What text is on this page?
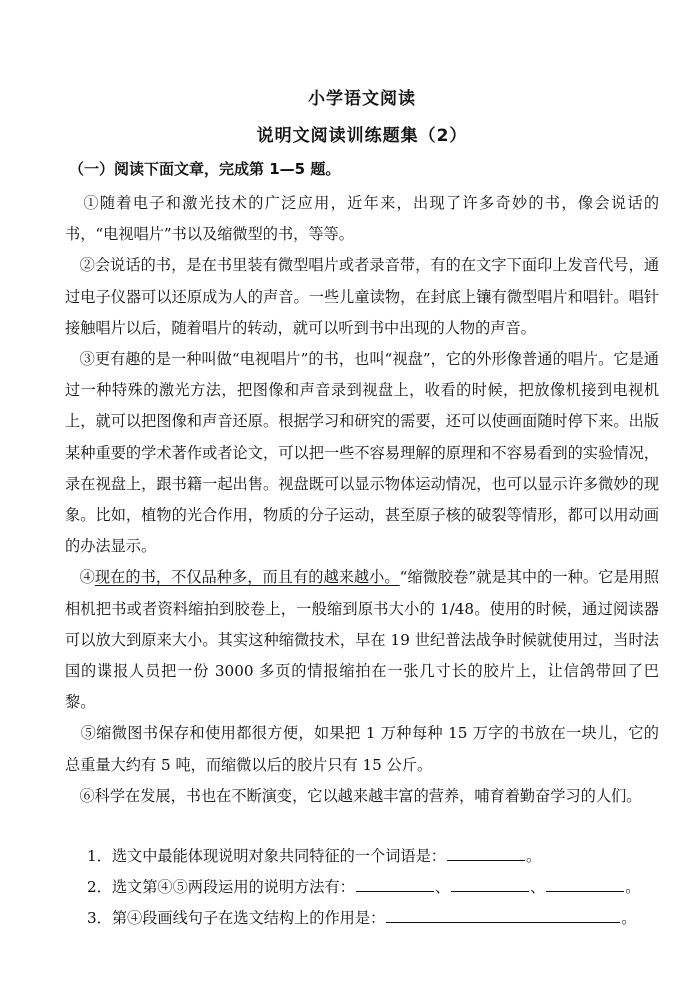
小学语文阅读
说明文阅读训练题集（2）
（一）阅读下面文章，完成第 1—5 题。

①随着电子和激光技术的广泛应用，近年来，出现了许多奇妙的书，像会说话的书，“电视唱片”书以及缩微型的书，等等。

②会说话的书，是在书里装有微型唱片或者录音带，有的在文字下面印上发音代号，通过电子仪器可以还原成为人的声音。一些儿童读物，在封底上镶有微型唱片和唱针。唱针接触唱片以后，随着唱片的转动，就可以听到书中出现的人物的声音。

③更有趣的是一种叫做“电视唱片”的书，也叫“视盘”，它的外形像普通的唱片。它是通过一种特殊的激光方法，把图像和声音录到视盘上，收看的时候，把放像机接到电视机上，就可以把图像和声音还原。根据学习和研究的需要，还可以使画面随时停下来。出版某种重要的学术著作或者论文，可以把一些不容易理解的原理和不容易看到的实验情况，录在视盘上，跟书籍一起出售。视盘既可以显示物体运动情况，也可以显示许多微妙的现象。比如，植物的光合作用，物质的分子运动，甚至原子核的破裂等情形，都可以用动画的办法显示。

④现在的书，不仅品种多，而且有的越来越小。“缩微胶卷”就是其中的一种。它是用照相机把书或者资料缩拍到胶卷上，一般缩到原书大小的 1/48。使用的时候，通过阅读器可以放大到原来大小。其实这种缩微技术，早在 19 世纪普法战争时候就使用过，当时法国的谍报人员把一份 3000 多页的情报缩拍在一张几寸长的胶片上，让信鸽带回了巴黎。

⑤缩微图书保存和使用都很方便，如果把 1 万种每种 15 万字的书放在一块儿，它的总重量大约有 5 吨，而缩微以后的胶片只有 15 公斤。

⑥科学在发展，书也在不断演变，它以越来越丰富的营养，哺育着勤奋学习的人们。

1．选文中最能体现说明对象共同特征的一个词语是：	。
2．选文第④⑤两段运用的说明方法有：	、	、	。
3．第④段画线句子在选文结构上的作用是：	。
